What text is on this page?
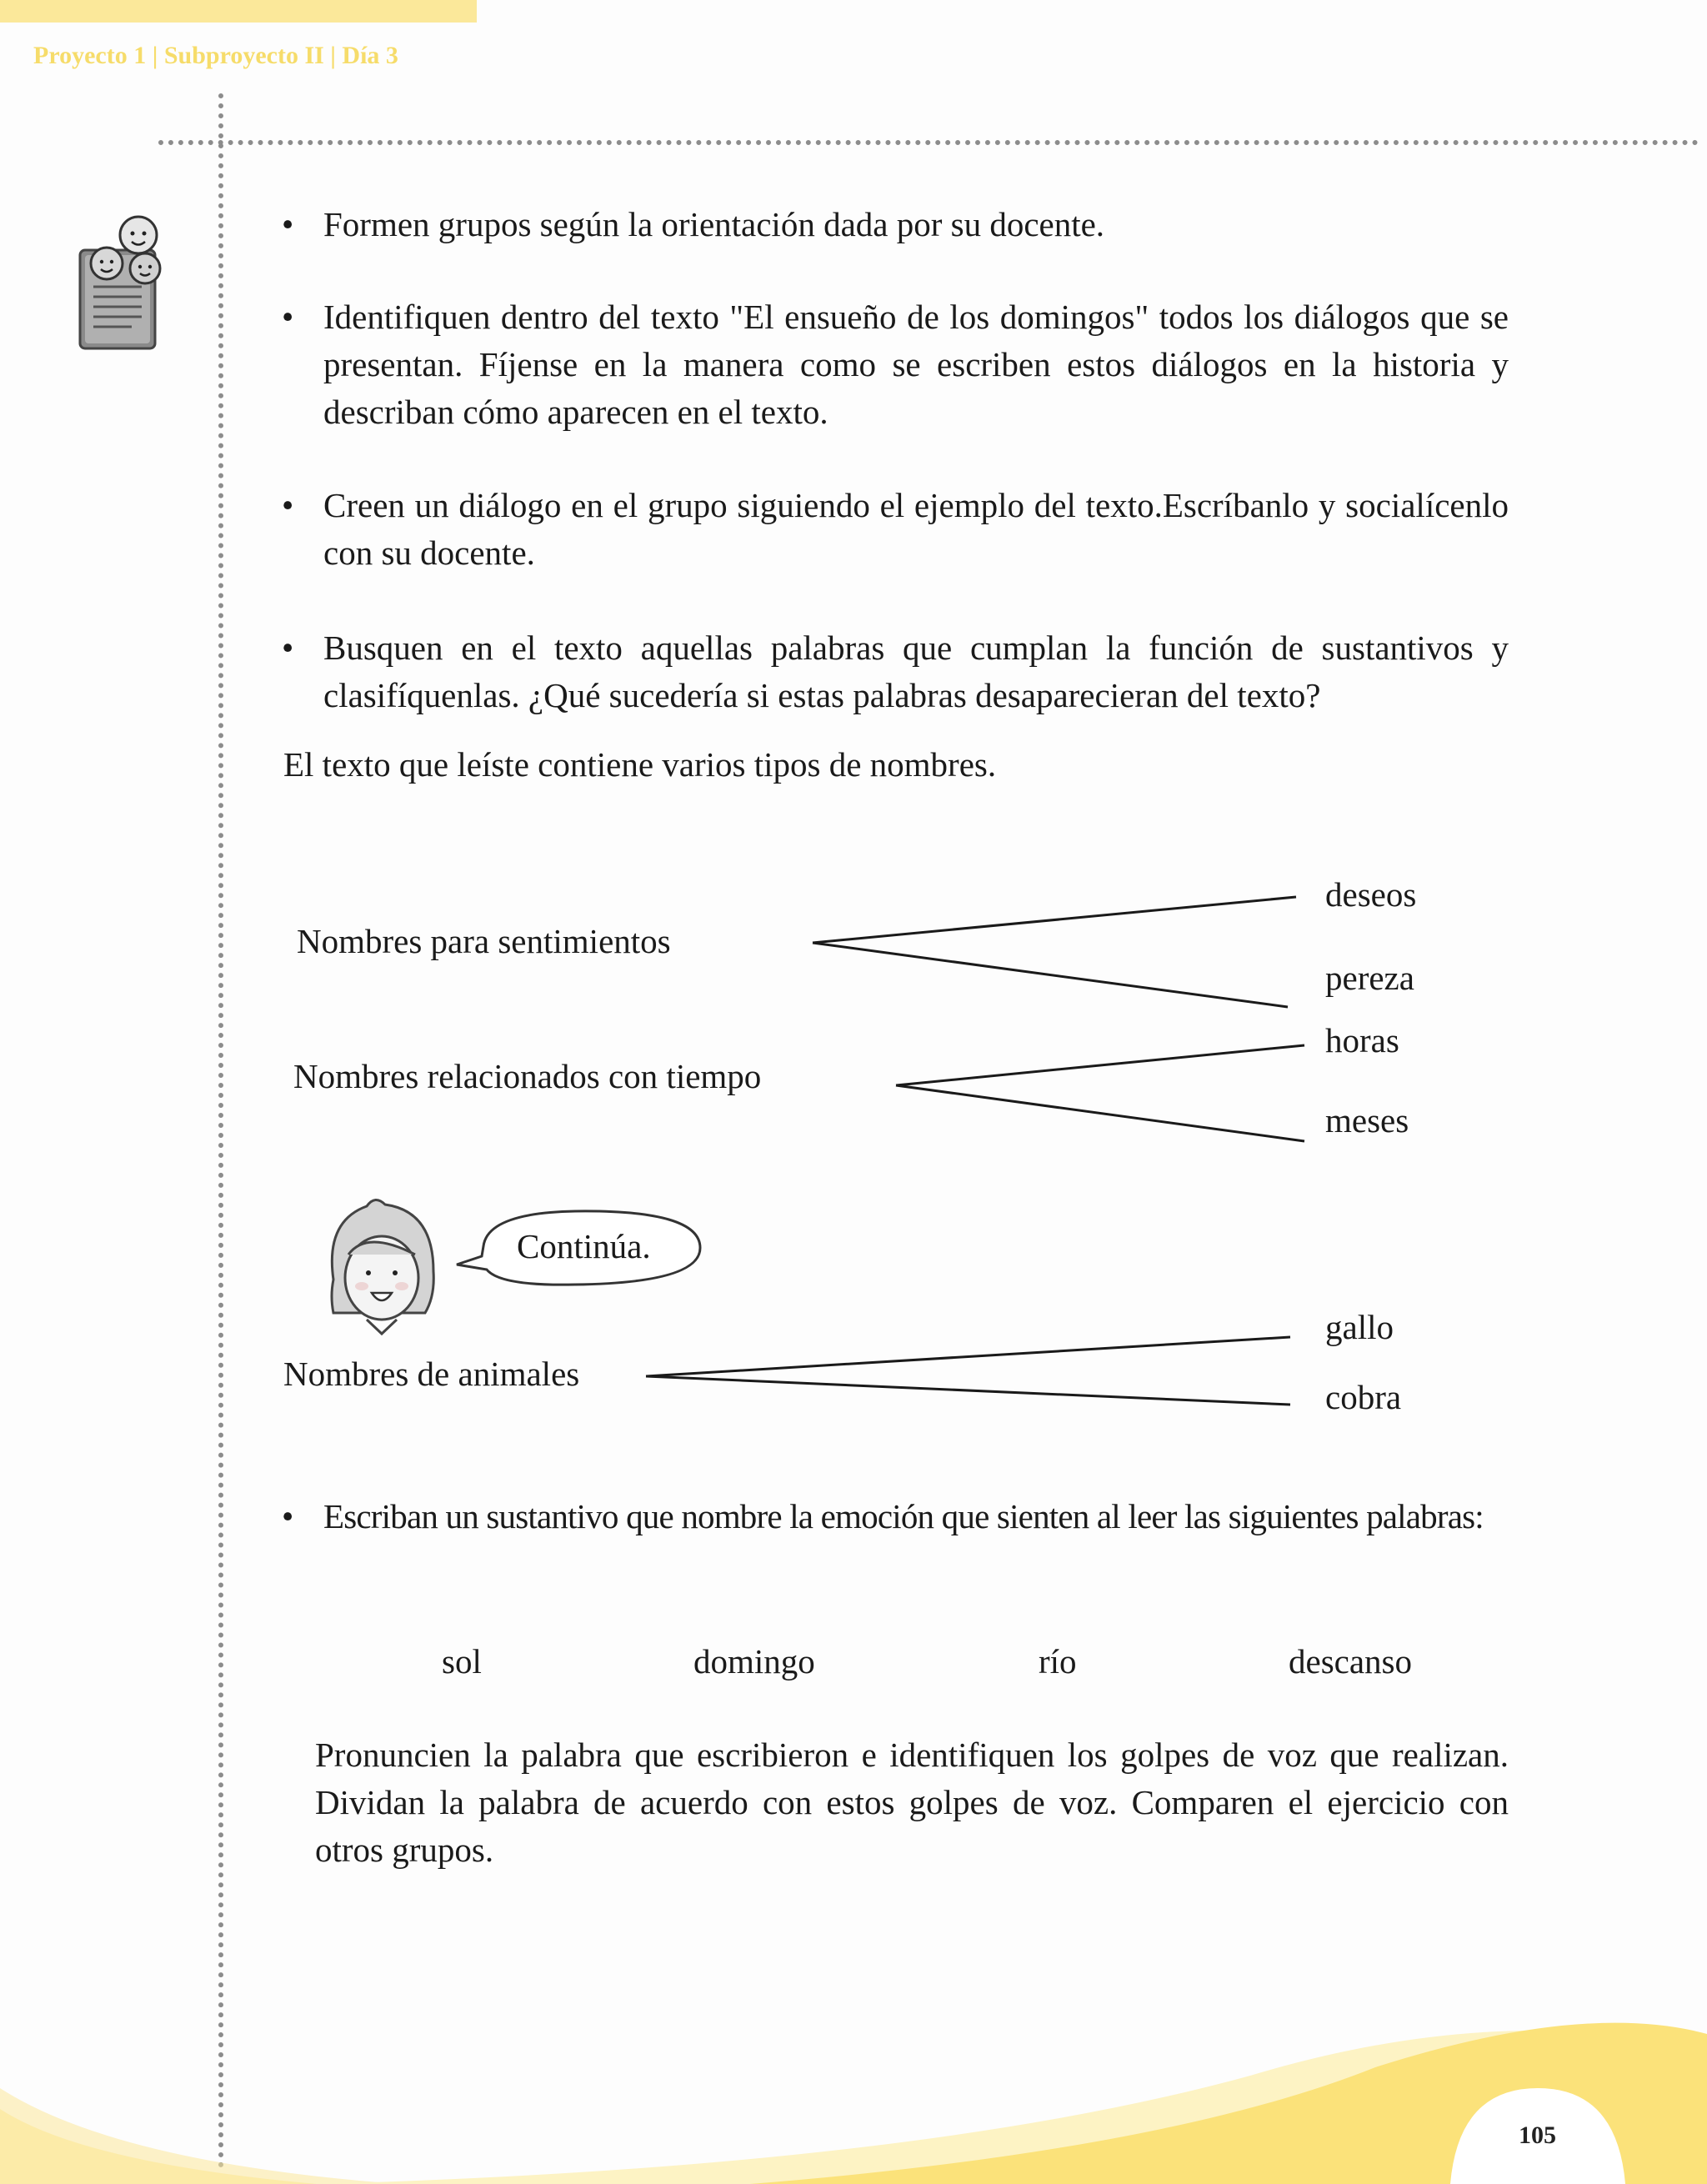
Proyecto 1 | Subproyecto II | Día 3
• Formen grupos según la orientación dada por su docente.
• Identifiquen dentro del texto "El ensueño de los domingos" todos los diálogos que se presentan. Fíjense en la manera como se escriben estos diálogos en la historia y describan cómo aparecen en el texto.
• Creen un diálogo en el grupo siguiendo el ejemplo del texto.Escríbanlo y socialícenlo con su docente.
• Busquen en el texto aquellas palabras que cumplan la función de sustantivos y clasifíquenlas. ¿Qué sucedería si estas palabras desaparecieran del texto?
El texto que leíste contiene varios tipos de nombres.
Nombres para sentimientos
deseos
pereza
Nombres relacionados con tiempo
horas
meses
Continúa.
Nombres de animales
gallo
cobra
• Escriban un sustantivo que nombre la emoción que sienten al leer las siguientes palabras:
sol	domingo	río	descanso
Pronuncien la palabra que escribieron e identifiquen los golpes de voz que realizan. Dividan la palabra de acuerdo con estos golpes de voz. Comparen el ejercicio con otros grupos.
105
